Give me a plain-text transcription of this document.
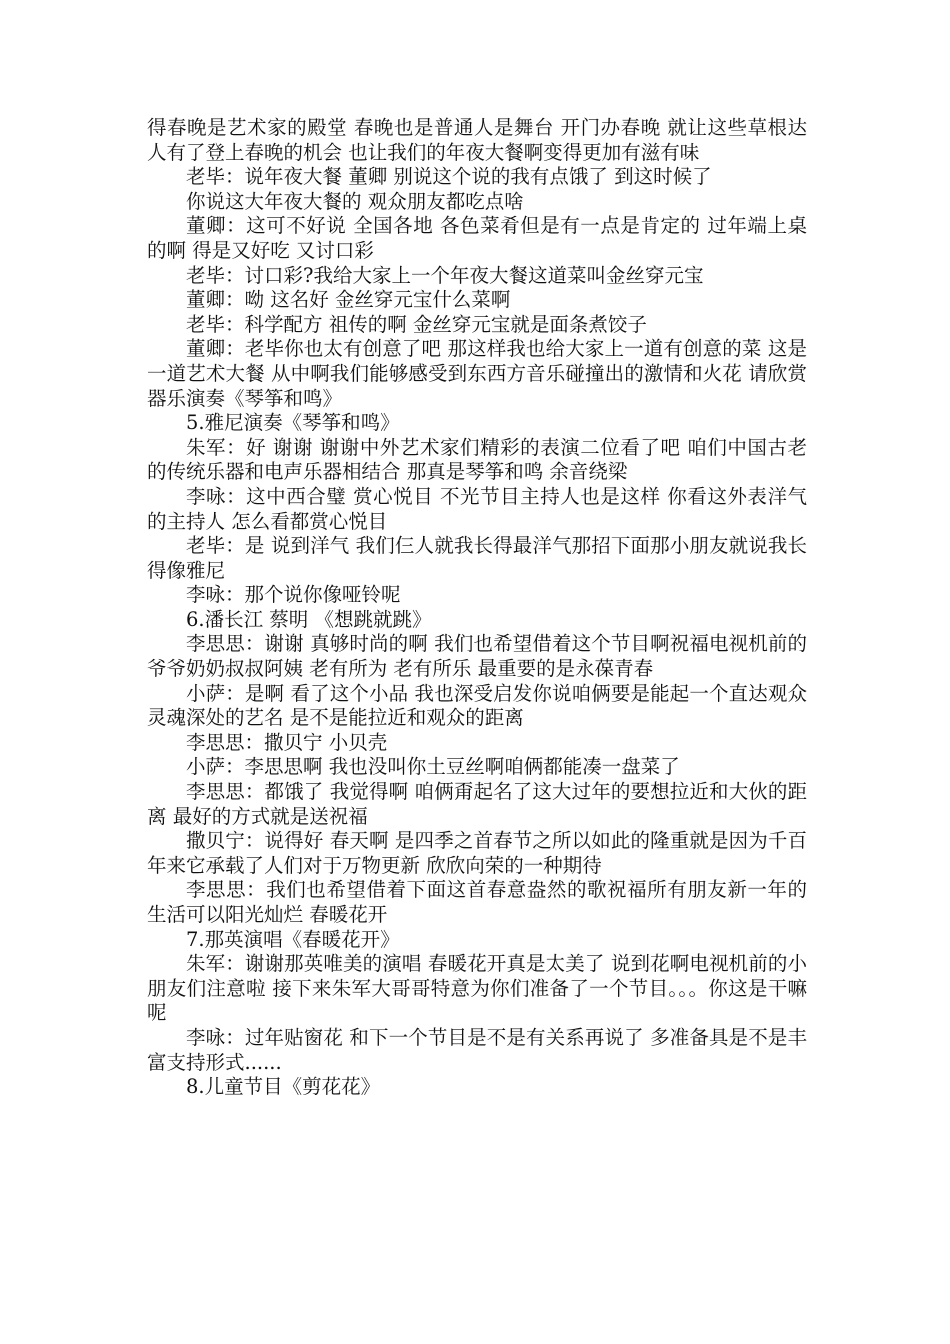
得春晚是艺术家的殿堂 春晚也是普通人是舞台 开门办春晚 就让这些草根达人有了登上春晚的机会 也让我们的年夜大餐啊变得更加有滋有味

老毕：说年夜大餐 董卿 别说这个说的我有点饿了 到这时候了

你说这大年夜大餐的 观众朋友都吃点啥

董卿：这可不好说 全国各地 各色菜肴但是有一点是肯定的 过年端上桌的啊 得是又好吃 又讨口彩

老毕：讨口彩?我给大家上一个年夜大餐这道菜叫金丝穿元宝

董卿：呦 这名好 金丝穿元宝什么菜啊

老毕：科学配方 祖传的啊 金丝穿元宝就是面条煮饺子

董卿：老毕你也太有创意了吧 那这样我也给大家上一道有创意的菜 这是一道艺术大餐 从中啊我们能够感受到东西方音乐碰撞出的激情和火花 请欣赏器乐演奏《琴筝和鸣》

5.雅尼演奏《琴筝和鸣》

朱军：好 谢谢 谢谢中外艺术家们精彩的表演二位看了吧 咱们中国古老的传统乐器和电声乐器相结合 那真是琴筝和鸣 余音绕梁

李咏：这中西合璧 赏心悦目 不光节目主持人也是这样 你看这外表洋气的主持人 怎么看都赏心悦目

老毕：是 说到洋气 我们仨人就我长得最洋气那招下面那小朋友就说我长得像雅尼

李咏：那个说你像哑铃呢

6.潘长江 蔡明 《想跳就跳》

李思思：谢谢 真够时尚的啊 我们也希望借着这个节目啊祝福电视机前的爷爷奶奶叔叔阿姨 老有所为 老有所乐 最重要的是永葆青春

小萨：是啊 看了这个小品 我也深受启发你说咱俩要是能起一个直达观众灵魂深处的艺名 是不是能拉近和观众的距离

李思思：撒贝宁 小贝壳

小萨：李思思啊 我也没叫你土豆丝啊咱俩都能凑一盘菜了

李思思：都饿了 我觉得啊 咱俩甭起名了这大过年的要想拉近和大伙的距离 最好的方式就是送祝福

撒贝宁：说得好 春天啊 是四季之首春节之所以如此的隆重就是因为千百年来它承载了人们对于万物更新 欣欣向荣的一种期待

李思思：我们也希望借着下面这首春意盎然的歌祝福所有朋友新一年的生活可以阳光灿烂 春暖花开

7.那英演唱《春暖花开》

朱军：谢谢那英唯美的演唱 春暖花开真是太美了 说到花啊电视机前的小朋友们注意啦 接下来朱军大哥哥特意为你们准备了一个节目。。。你这是干嘛呢

李咏：过年贴窗花 和下一个节目是不是有关系再说了 多准备具是不是丰富支持形式......

8.儿童节目《剪花花》
